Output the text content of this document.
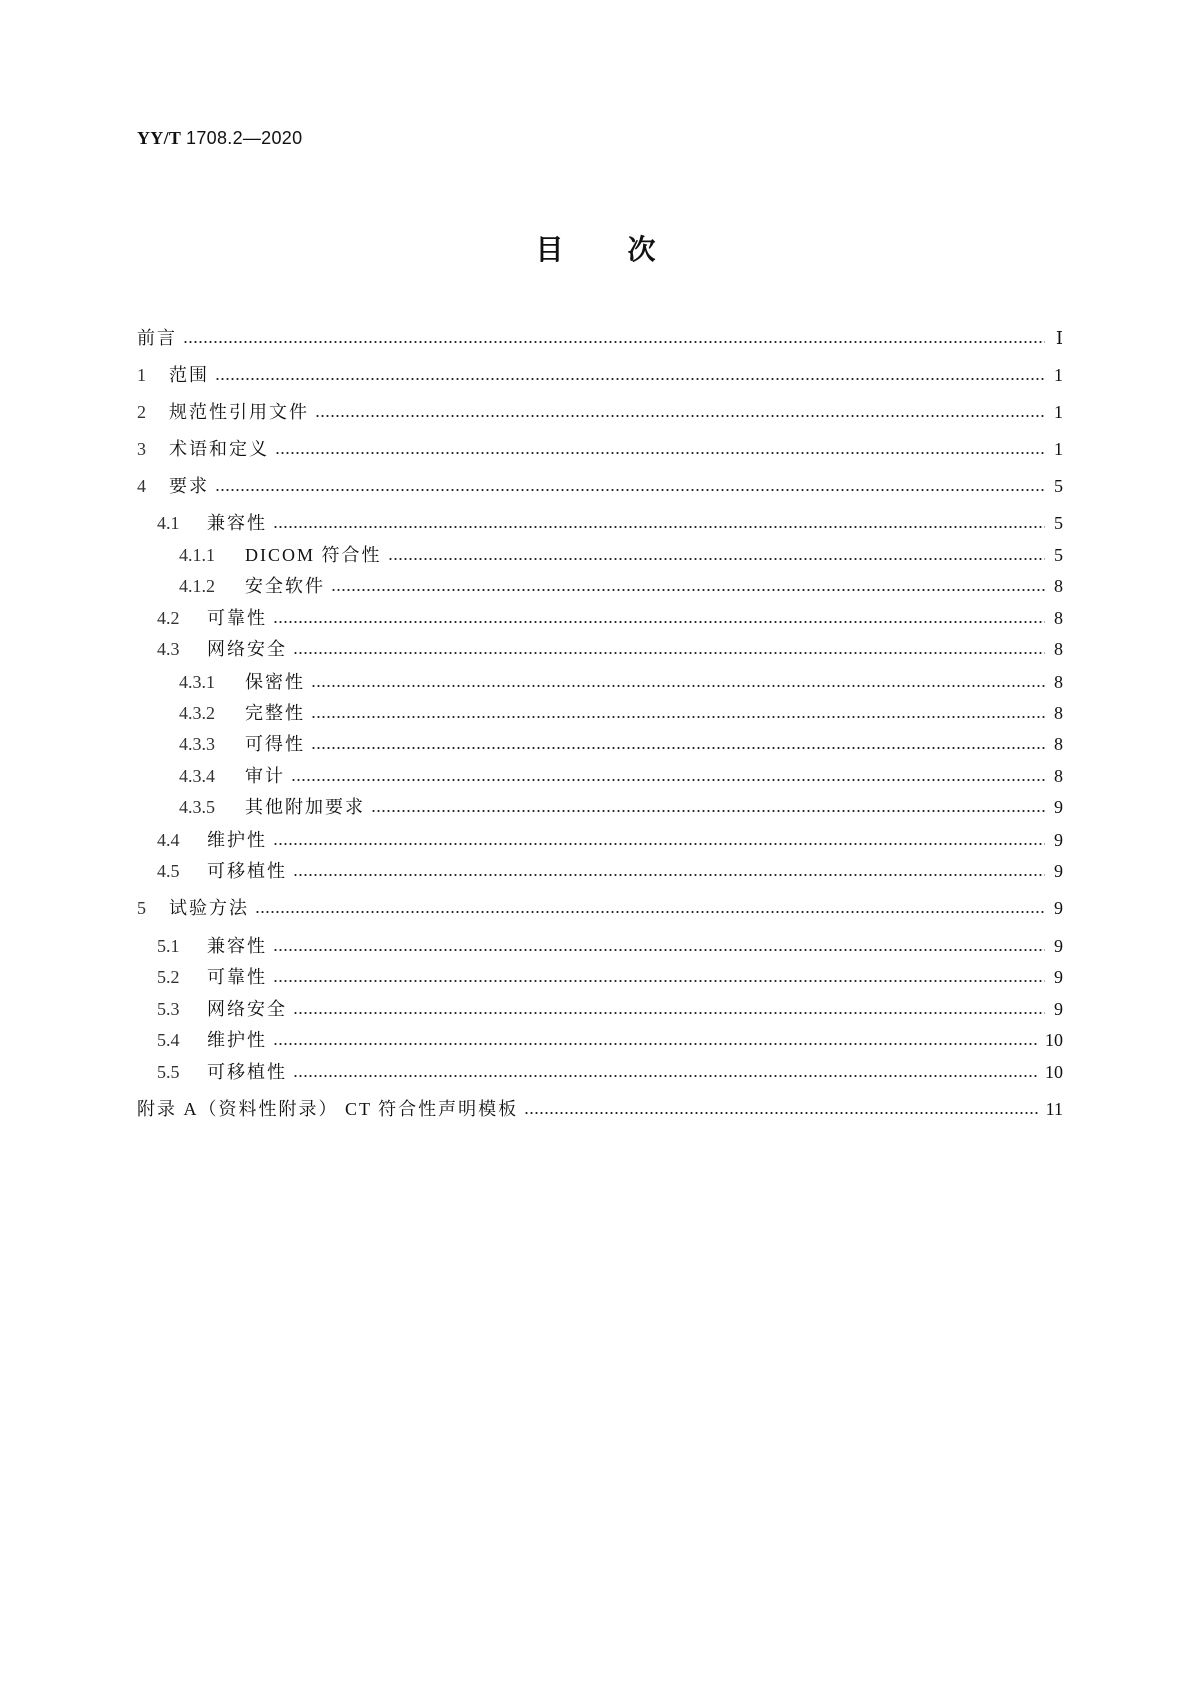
YY/T 1708.2—2020
目次
前言	Ⅰ
1	范围	1
2	规范性引用文件	1
3	术语和定义	1
4	要求	5
4.1	兼容性	5
4.1.1	DICOM 符合性	5
4.1.2	安全软件	8
4.2	可靠性	8
4.3	网络安全	8
4.3.1	保密性	8
4.3.2	完整性	8
4.3.3	可得性	8
4.3.4	审计	8
4.3.5	其他附加要求	9
4.4	维护性	9
4.5	可移植性	9
5	试验方法	9
5.1	兼容性	9
5.2	可靠性	9
5.3	网络安全	9
5.4	维护性	10
5.5	可移植性	10
附录 A（资料性附录） CT 符合性声明模板	11
